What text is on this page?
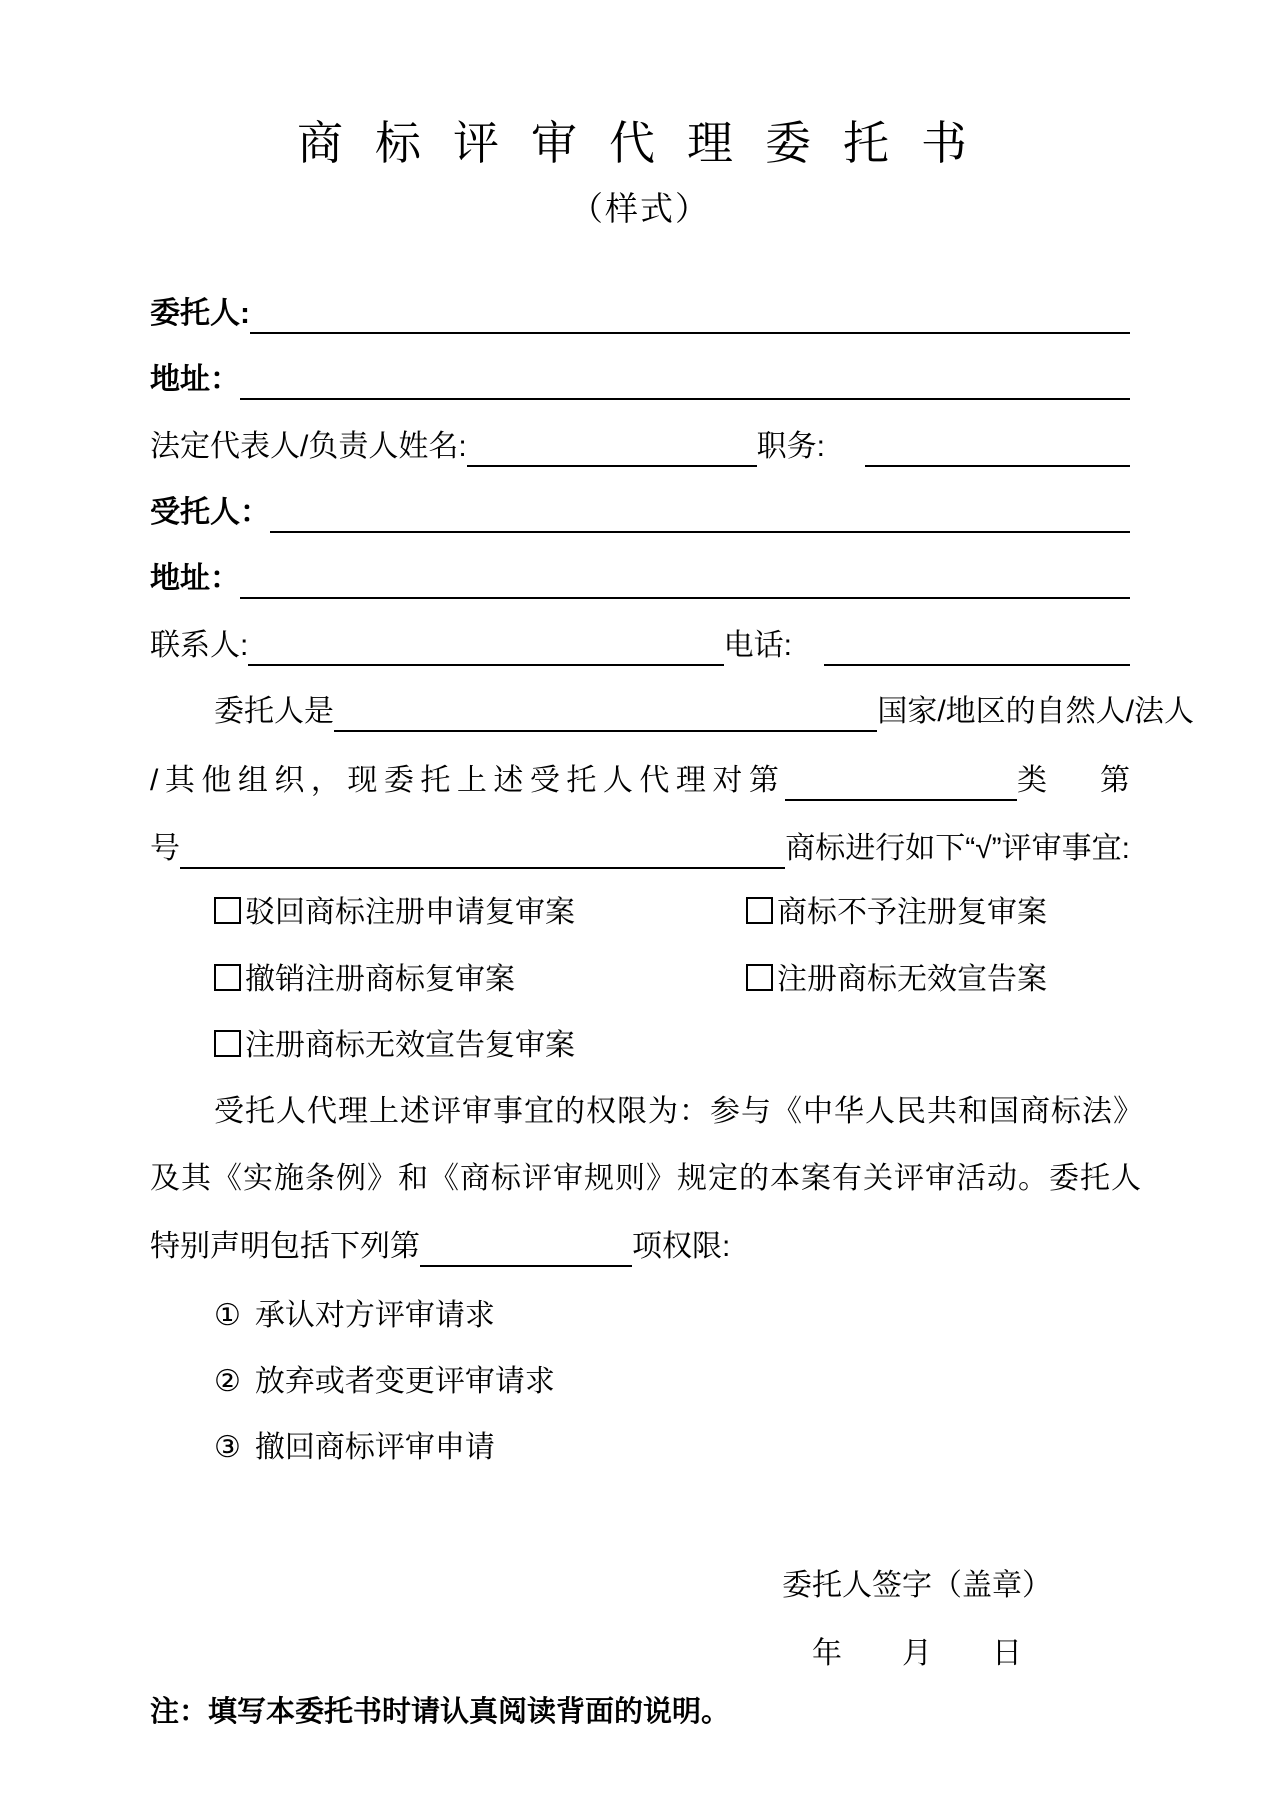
商标评审代理委托书
（样式）
委托人:
地址：
法定代表人/负责人姓名:	职务:
受托人：
地址：
联系人:	电话:
委托人是	国家/地区的自然人/法人
/其他组织，现委托上述受托人代理对第	类 第
号	商标进行如下“√”评审事宜:
驳回商标注册申请复审案	商标不予注册复审案
撤销注册商标复审案	注册商标无效宣告案
注册商标无效宣告复审案
受托人代理上述评审事宜的权限为：参与《中华人民共和国商标法》
及其《实施条例》和《商标评审规则》规定的本案有关评审活动。委托人
特别声明包括下列第	项权限:
① 承认对方评审请求
② 放弃或者变更评审请求
③ 撤回商标评审申请
委托人签字（盖章）
年 月 日
注：填写本委托书时请认真阅读背面的说明。
